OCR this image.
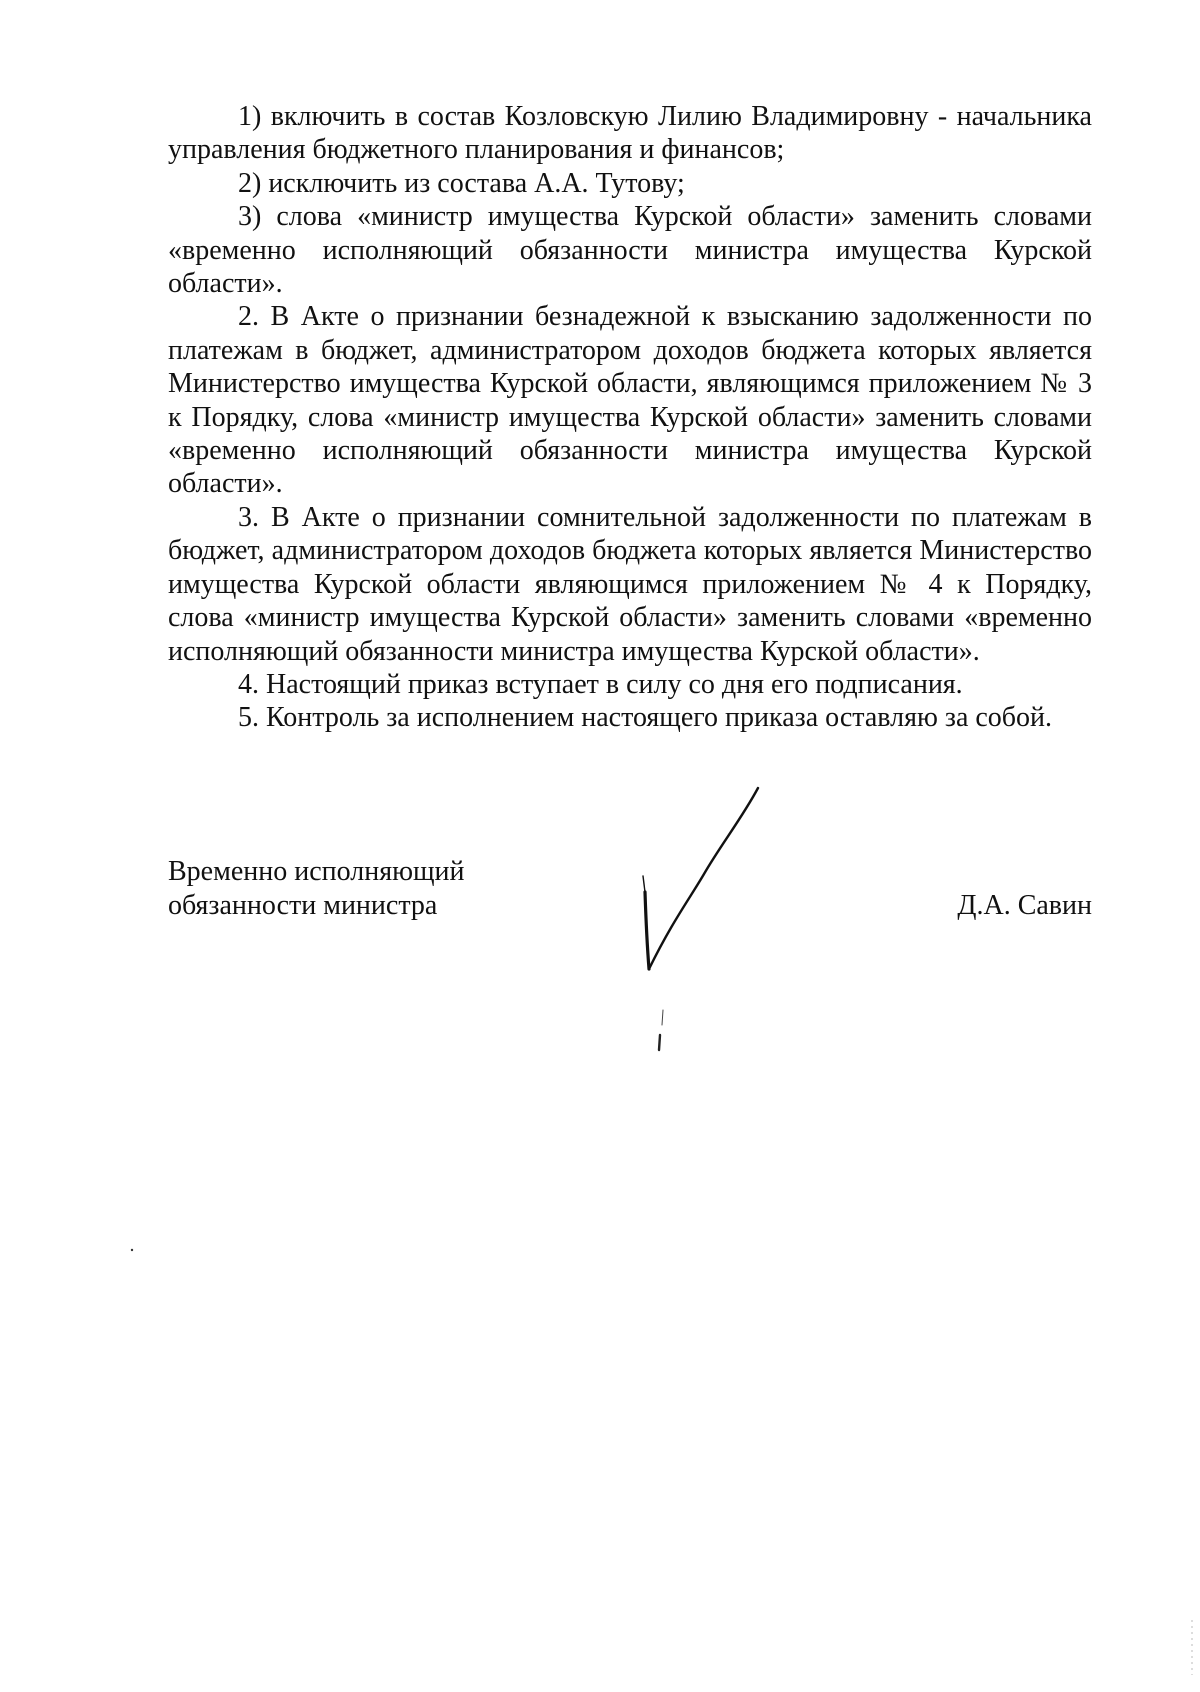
1) включить в состав Козловскую Лилию Владимировну - начальника управления бюджетного планирования и финансов;

2) исключить из состава А.А. Тутову;

3) слова «министр имущества Курской области» заменить словами «временно исполняющий обязанности министра имущества Курской области».

2. В Акте о признании безнадежной к взысканию задолженности по платежам в бюджет, администратором доходов бюджета которых является Министерство имущества Курской области, являющимся приложением № 3 к Порядку, слова «министр имущества Курской области» заменить словами «временно исполняющий обязанности министра имущества Курской области».

3. В Акте о признании сомнительной задолженности по платежам в бюджет, администратором доходов бюджета которых является Министерство имущества Курской области являющимся приложением № 4 к Порядку, слова «министр имущества Курской области» заменить словами «временно исполняющий обязанности министра имущества Курской области».

4. Настоящий приказ вступает в силу со дня его подписания.

5. Контроль за исполнением настоящего приказа оставляю за собой.

Временно исполняющий
обязанности министра	Д.А. Савин
